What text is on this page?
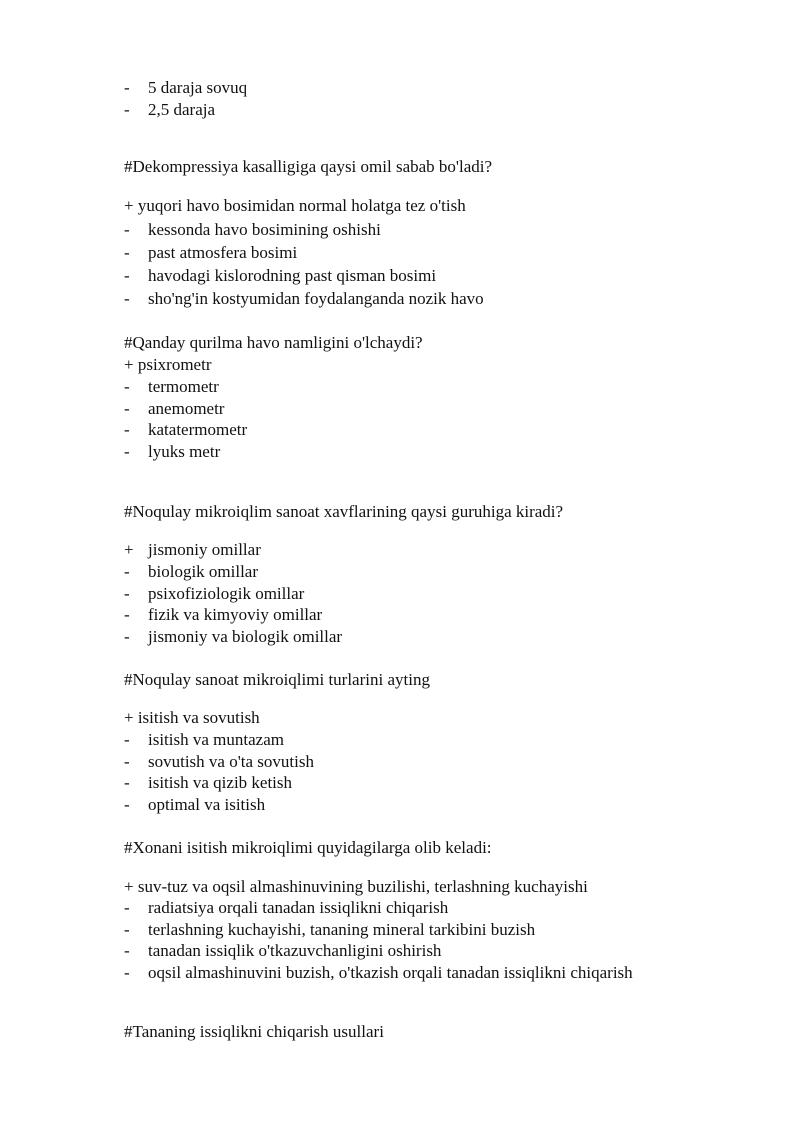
- 5 daraja sovuq
- 2,5 daraja
#Dekompressiya kasalligiga qaysi omil sabab bo'ladi?
+ yuqori havo bosimidan normal holatga tez o'tish
- kessonda havo bosimining oshishi
- past atmosfera bosimi
- havodagi kislorodning past qisman bosimi
- sho'ng'in kostyumidan foydalanganda nozik havo
#Qanday qurilma havo namligini o'lchaydi?
+ psixrometr
- termometr
- anemometr
- katatermometr
- lyuks metr
#Noqulay mikroiqlim sanoat xavflarining qaysi guruhiga kiradi?
+ jismoniy omillar
- biologik omillar
- psixofiziologik omillar
- fizik va kimyoviy omillar
- jismoniy va biologik omillar
#Noqulay sanoat mikroiqlimi turlarini ayting
+ isitish va sovutish
- isitish va muntazam
- sovutish va o'ta sovutish
- isitish va qizib ketish
- optimal va isitish
#Xonani isitish mikroiqlimi quyidagilarga olib keladi:
+ suv-tuz va oqsil almashinuvining buzilishi, terlashning kuchayishi
- radiatsiya orqali tanadan issiqlikni chiqarish
- terlashning kuchayishi, tananing mineral tarkibini buzish
- tanadan issiqlik o'tkazuvchanligini oshirish
- oqsil almashinuvini buzish, o'tkazish orqali tanadan issiqlikni chiqarish
#Tananing issiqlikni chiqarish usullari
